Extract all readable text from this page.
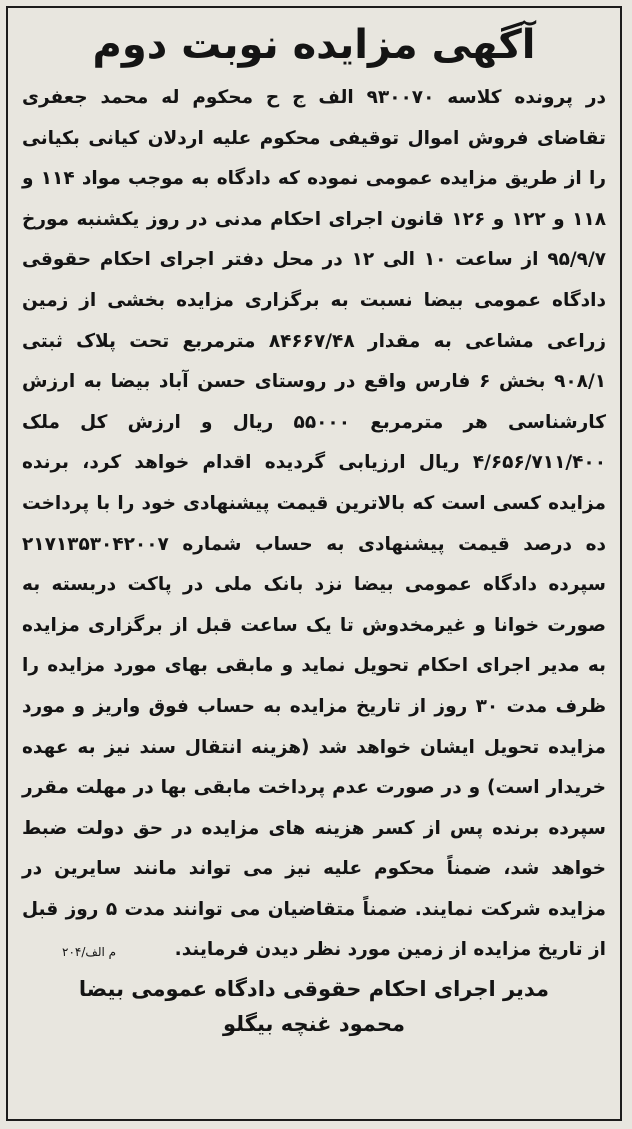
آگهی مزایده نوبت دوم

در پرونده کلاسه ۹۳۰۰۷۰ الف ج ح محکوم له محمد جعفری تقاضای فروش اموال توقیفی محکوم علیه اردلان کیانی بکیانی را از طریق مزایده عمومی نموده که دادگاه به موجب مواد ۱۱۴ و ۱۱۸ و ۱۲۲ و ۱۲۶ قانون اجرای احکام مدنی در روز یکشنبه مورخ ۹۵/۹/۷ از ساعت ۱۰ الی ۱۲ در محل دفتر اجرای احکام حقوقی دادگاه عمومی بیضا نسبت به برگزاری مزایده بخشی از زمین زراعی مشاعی به مقدار ۸۴۶۶۷/۴۸ مترمربع تحت پلاک ثبتی ۹۰۸/۱ بخش ۶ فارس واقع در روستای حسن آباد بیضا به ارزش کارشناسی هر مترمربع ۵۵۰۰۰ ریال و ارزش کل ملک ۴/۶۵۶/۷۱۱/۴۰۰ ریال ارزیابی گردیده اقدام خواهد کرد، برنده مزایده کسی است که بالاترین قیمت پیشنهادی خود را با پرداخت ده درصد قیمت پیشنهادی به حساب شماره ۲۱۷۱۳۵۳۰۴۲۰۰۷ سپرده دادگاه عمومی بیضا نزد بانک ملی در پاکت دربسته به صورت خوانا و غیرمخدوش تا یک ساعت قبل از برگزاری مزایده به مدیر اجرای احکام تحویل نماید و مابقی بهای مورد مزایده را ظرف مدت ۳۰ روز از تاریخ مزایده به حساب فوق واریز و مورد مزایده تحویل ایشان خواهد شد (هزینه انتقال سند نیز به عهده خریدار است) و در صورت عدم پرداخت مابقی بها در مهلت مقرر سپرده برنده پس از کسر هزینه های مزایده در حق دولت ضبط خواهد شد، ضمناً محکوم علیه نیز می تواند مانند سایرین در مزایده شرکت نمایند. ضمناً متقاضیان می توانند مدت ۵ روز قبل از تاریخ مزایده از زمین مورد نظر دیدن فرمایند.

۲۰۴/م الف

مدیر اجرای احکام حقوقی دادگاه عمومی بیضا

محمود غنچه بیگلو
